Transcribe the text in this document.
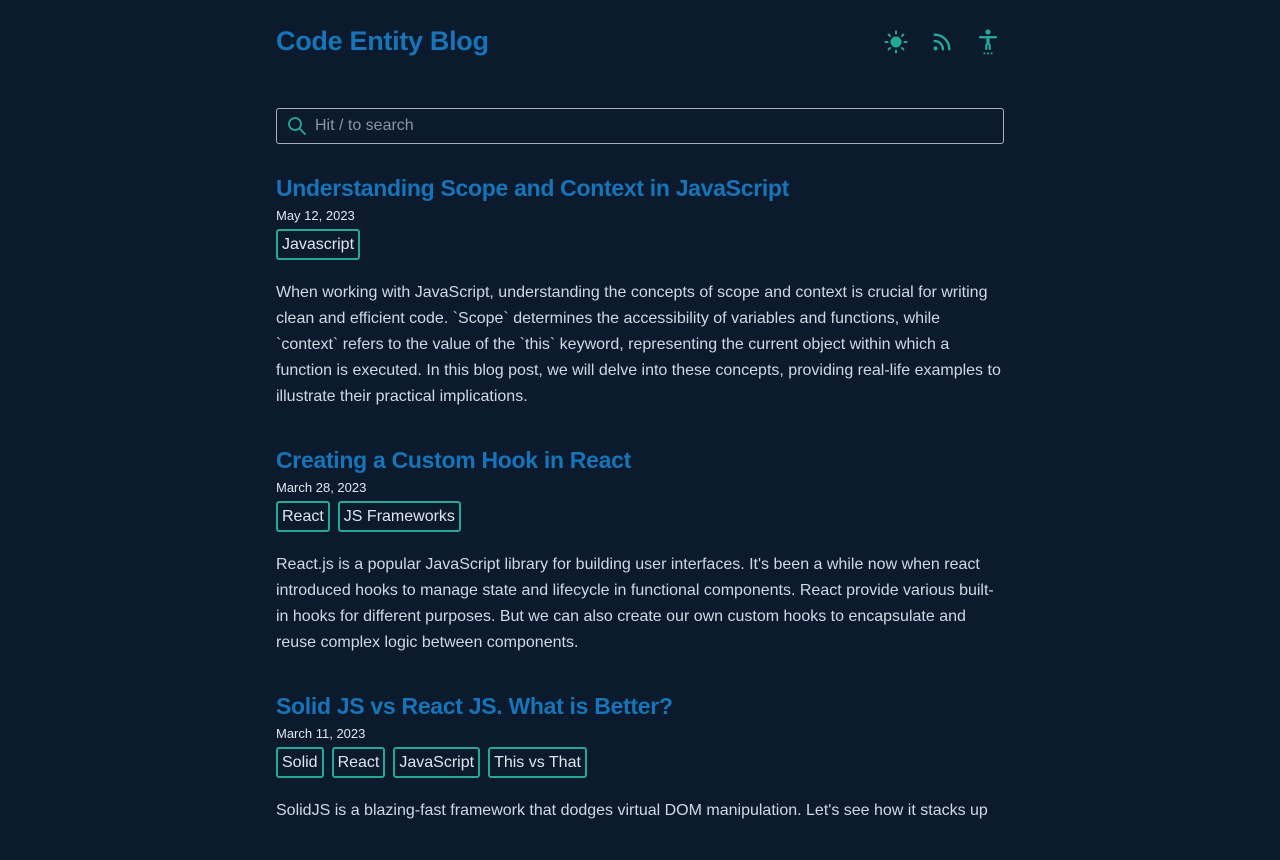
Code Entity Blog
Hit / to search
Understanding Scope and Context in JavaScript
May 12, 2023
Javascript

When working with JavaScript, understanding the concepts of scope and context is crucial for writing clean and efficient code. `Scope` determines the accessibility of variables and functions, while `context` refers to the value of the `this` keyword, representing the current object within which a function is executed. In this blog post, we will delve into these concepts, providing real-life examples to illustrate their practical implications.

Creating a Custom Hook in React
March 28, 2023
React	JS Frameworks

React.js is a popular JavaScript library for building user interfaces. It's been a while now when react introduced hooks to manage state and lifecycle in functional components. React provide various built-in hooks for different purposes. But we can also create our own custom hooks to encapsulate and reuse complex logic between components.

Solid JS vs React JS. What is Better?
March 11, 2023
Solid	React	JavaScript	This vs That

SolidJS is a blazing-fast framework that dodges virtual DOM manipulation. Let's see how it stacks up
